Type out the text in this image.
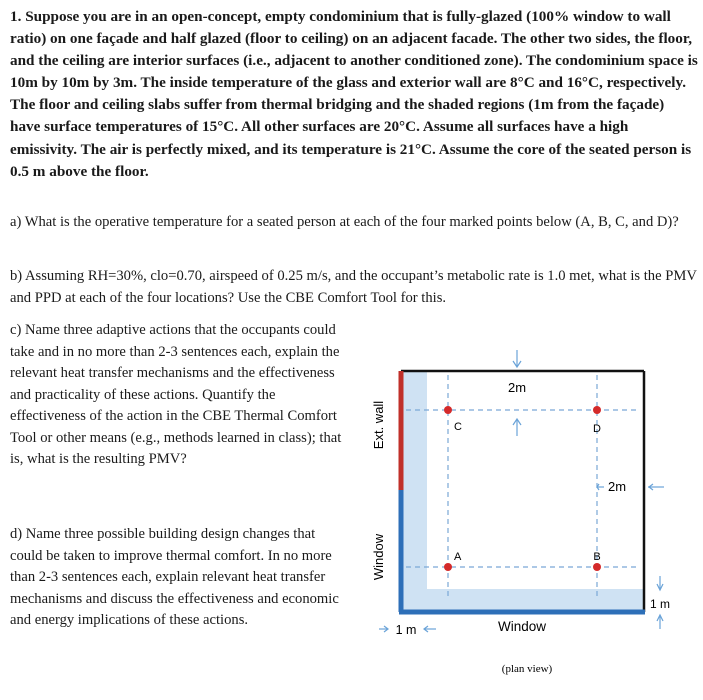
1. Suppose you are in an open-concept, empty condominium that is fully-glazed (100% window to wall ratio) on one façade and half glazed (floor to ceiling) on an adjacent facade. The other two sides, the floor, and the ceiling are interior surfaces (i.e., adjacent to another conditioned zone). The condominium space is 10m by 10m by 3m. The inside temperature of the glass and exterior wall are 8°C and 16°C, respectively. The floor and ceiling slabs suffer from thermal bridging and the shaded regions (1m from the façade) have surface temperatures of 15°C. All other surfaces are 20°C. Assume all surfaces have a high emissivity. The air is perfectly mixed, and its temperature is 21°C. Assume the core of the seated person is 0.5 m above the floor.
a) What is the operative temperature for a seated person at each of the four marked points below (A, B, C, and D)?
b) Assuming RH=30%, clo=0.70, airspeed of 0.25 m/s, and the occupant’s metabolic rate is 1.0 met, what is the PMV and PPD at each of the four locations? Use the CBE Comfort Tool for this.
c) Name three adaptive actions that the occupants could take and in no more than 2-3 sentences each, explain the relevant heat transfer mechanisms and the effectiveness and practicality of these actions. Quantify the effectiveness of the action in the CBE Thermal Comfort Tool or other means (e.g., methods learned in class); that is, what is the resulting PMV?
d) Name three possible building design changes that could be taken to improve thermal comfort. In no more than 2-3 sentences each, explain relevant heat transfer mechanisms and discuss the effectiveness and economic and energy implications of these actions.
2m
2m
1 m
1 m
C	D
A	B
Window
(plan view)
Ext. wall
Window
